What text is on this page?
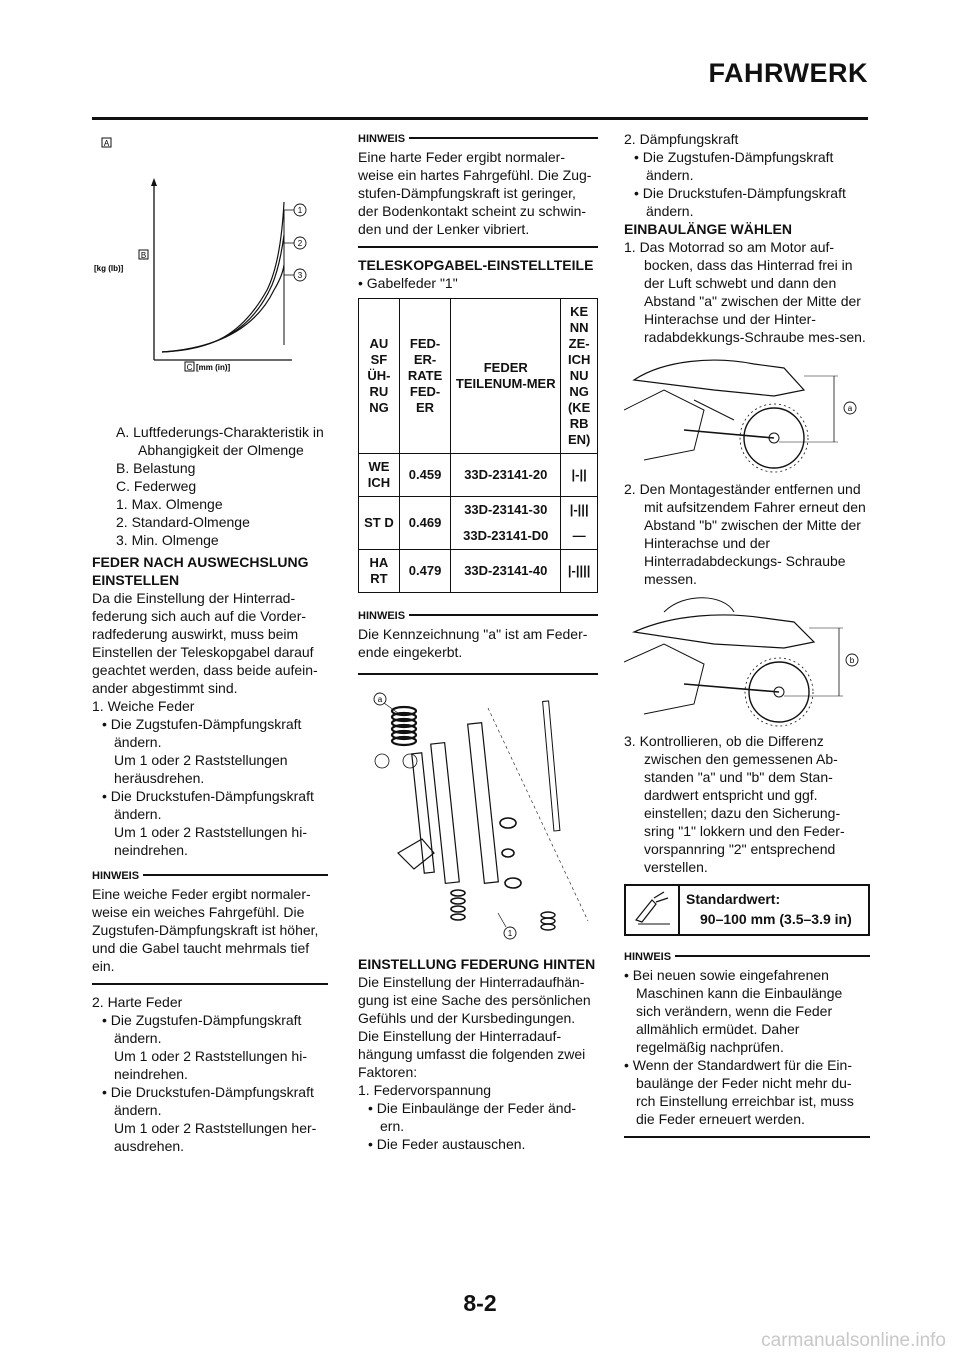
FAHRWERK
A
B
[kg (lb)]
C [mm (in)]
1
2
3

A. Luftfederungs-Charakteristik in Abhangigkeit der Olmenge

B. Belastung

C. Federweg

1. Max. Olmenge

2. Standard-Olmenge

3. Min. Olmenge

FEDER NACH AUSWECHSLUNG EINSTELLEN

Da die Einstellung der Hinterrad-federung sich auch auf die Vorder-radfederung auswirkt, muss beim Einstellen der Teleskopgabel darauf geachtet werden, dass beide aufein-ander abgestimmt sind.

1. Weiche Feder

• Die Zugstufen-Dämpfungskraft ändern.

Um 1 oder 2 Raststellungen heräusdrehen.

• Die Druckstufen-Dämpfungskraft ändern.

Um 1 oder 2 Raststellungen hi-neindrehen.

HINWEIS

Eine weiche Feder ergibt normaler-weise ein weiches Fahrgefühl. Die Zugstufen-Dämpfungskraft ist höher, und die Gabel taucht mehrmals tief ein.

2. Harte Feder

• Die Zugstufen-Dämpfungskraft ändern.

Um 1 oder 2 Raststellungen hi-neindrehen.

• Die Druckstufen-Dämpfungskraft ändern.

Um 1 oder 2 Raststellungen her-ausdrehen.

HINWEIS

Eine harte Feder ergibt normaler-weise ein hartes Fahrgefühl. Die Zug-stufen-Dämpfungskraft ist geringer, der Bodenkontakt scheint zu schwin-den und der Lenker vibriert.

TELESKOPGABEL-EINSTELLTEILE

• Gabelfeder "1"

AU SF ÜH-RU NG	FED-ER-RATE FED-ER	FEDER TEILENUM-MER	KE NN ZE-ICH NU NG (KE RB EN)
WE ICH	0.459	33D-23141-20	|-||
ST D	0.469	33D-23141-30	|-|||
		33D-23141-D0	—
HA RT	0.479	33D-23141-40	|-||||
HINWEIS

Die Kennzeichnung "a" ist am Feder-ende eingekerbt.

a
1

EINSTELLUNG FEDERUNG HINTEN

Die Einstellung der Hinterradaufhän-gung ist eine Sache des persönlichen Gefühls und der Kursbedingungen. Die Einstellung der Hinterradauf-hängung umfasst die folgenden zwei Faktoren:

1. Federvorspannung

• Die Einbaulänge der Feder änd-ern.

• Die Feder austauschen.

2. Dämpfungskraft

• Die Zugstufen-Dämpfungskraft ändern.

• Die Druckstufen-Dämpfungskraft ändern.

EINBAULÄNGE WÄHLEN

1. Das Motorrad so am Motor auf-bocken, dass das Hinterrad frei in der Luft schwebt und dann den Abstand "a" zwischen der Mitte der Hinterachse und der Hinter-radabdekkungs-Schraube mes-sen.

a

2. Den Montageständer entfernen und mit aufsitzendem Fahrer erneut den Abstand "b" zwischen der Mitte der Hinterachse und der Hinterradabdeckungs- Schraube messen.

b

3. Kontrollieren, ob die Differenz zwischen den gemessenen Ab-standen "a" und "b" dem Stan-dardwert entspricht und ggf. einstellen; dazu den Sicherung-sring "1" lokkern und den Feder-vorspannring "2" entsprechend verstellen.

Standardwert:
90–100 mm (3.5–3.9 in)
HINWEIS

• Bei neuen sowie eingefahrenen Maschinen kann die Einbaulänge sich verändern, wenn die Feder allmählich ermüdet. Daher regelmäßig nachprüfen.

• Wenn der Standardwert für die Ein-baulänge der Feder nicht mehr du-rch Einstellung erreichbar ist, muss die Feder erneuert werden.

8-2
carmanualsonline.info
